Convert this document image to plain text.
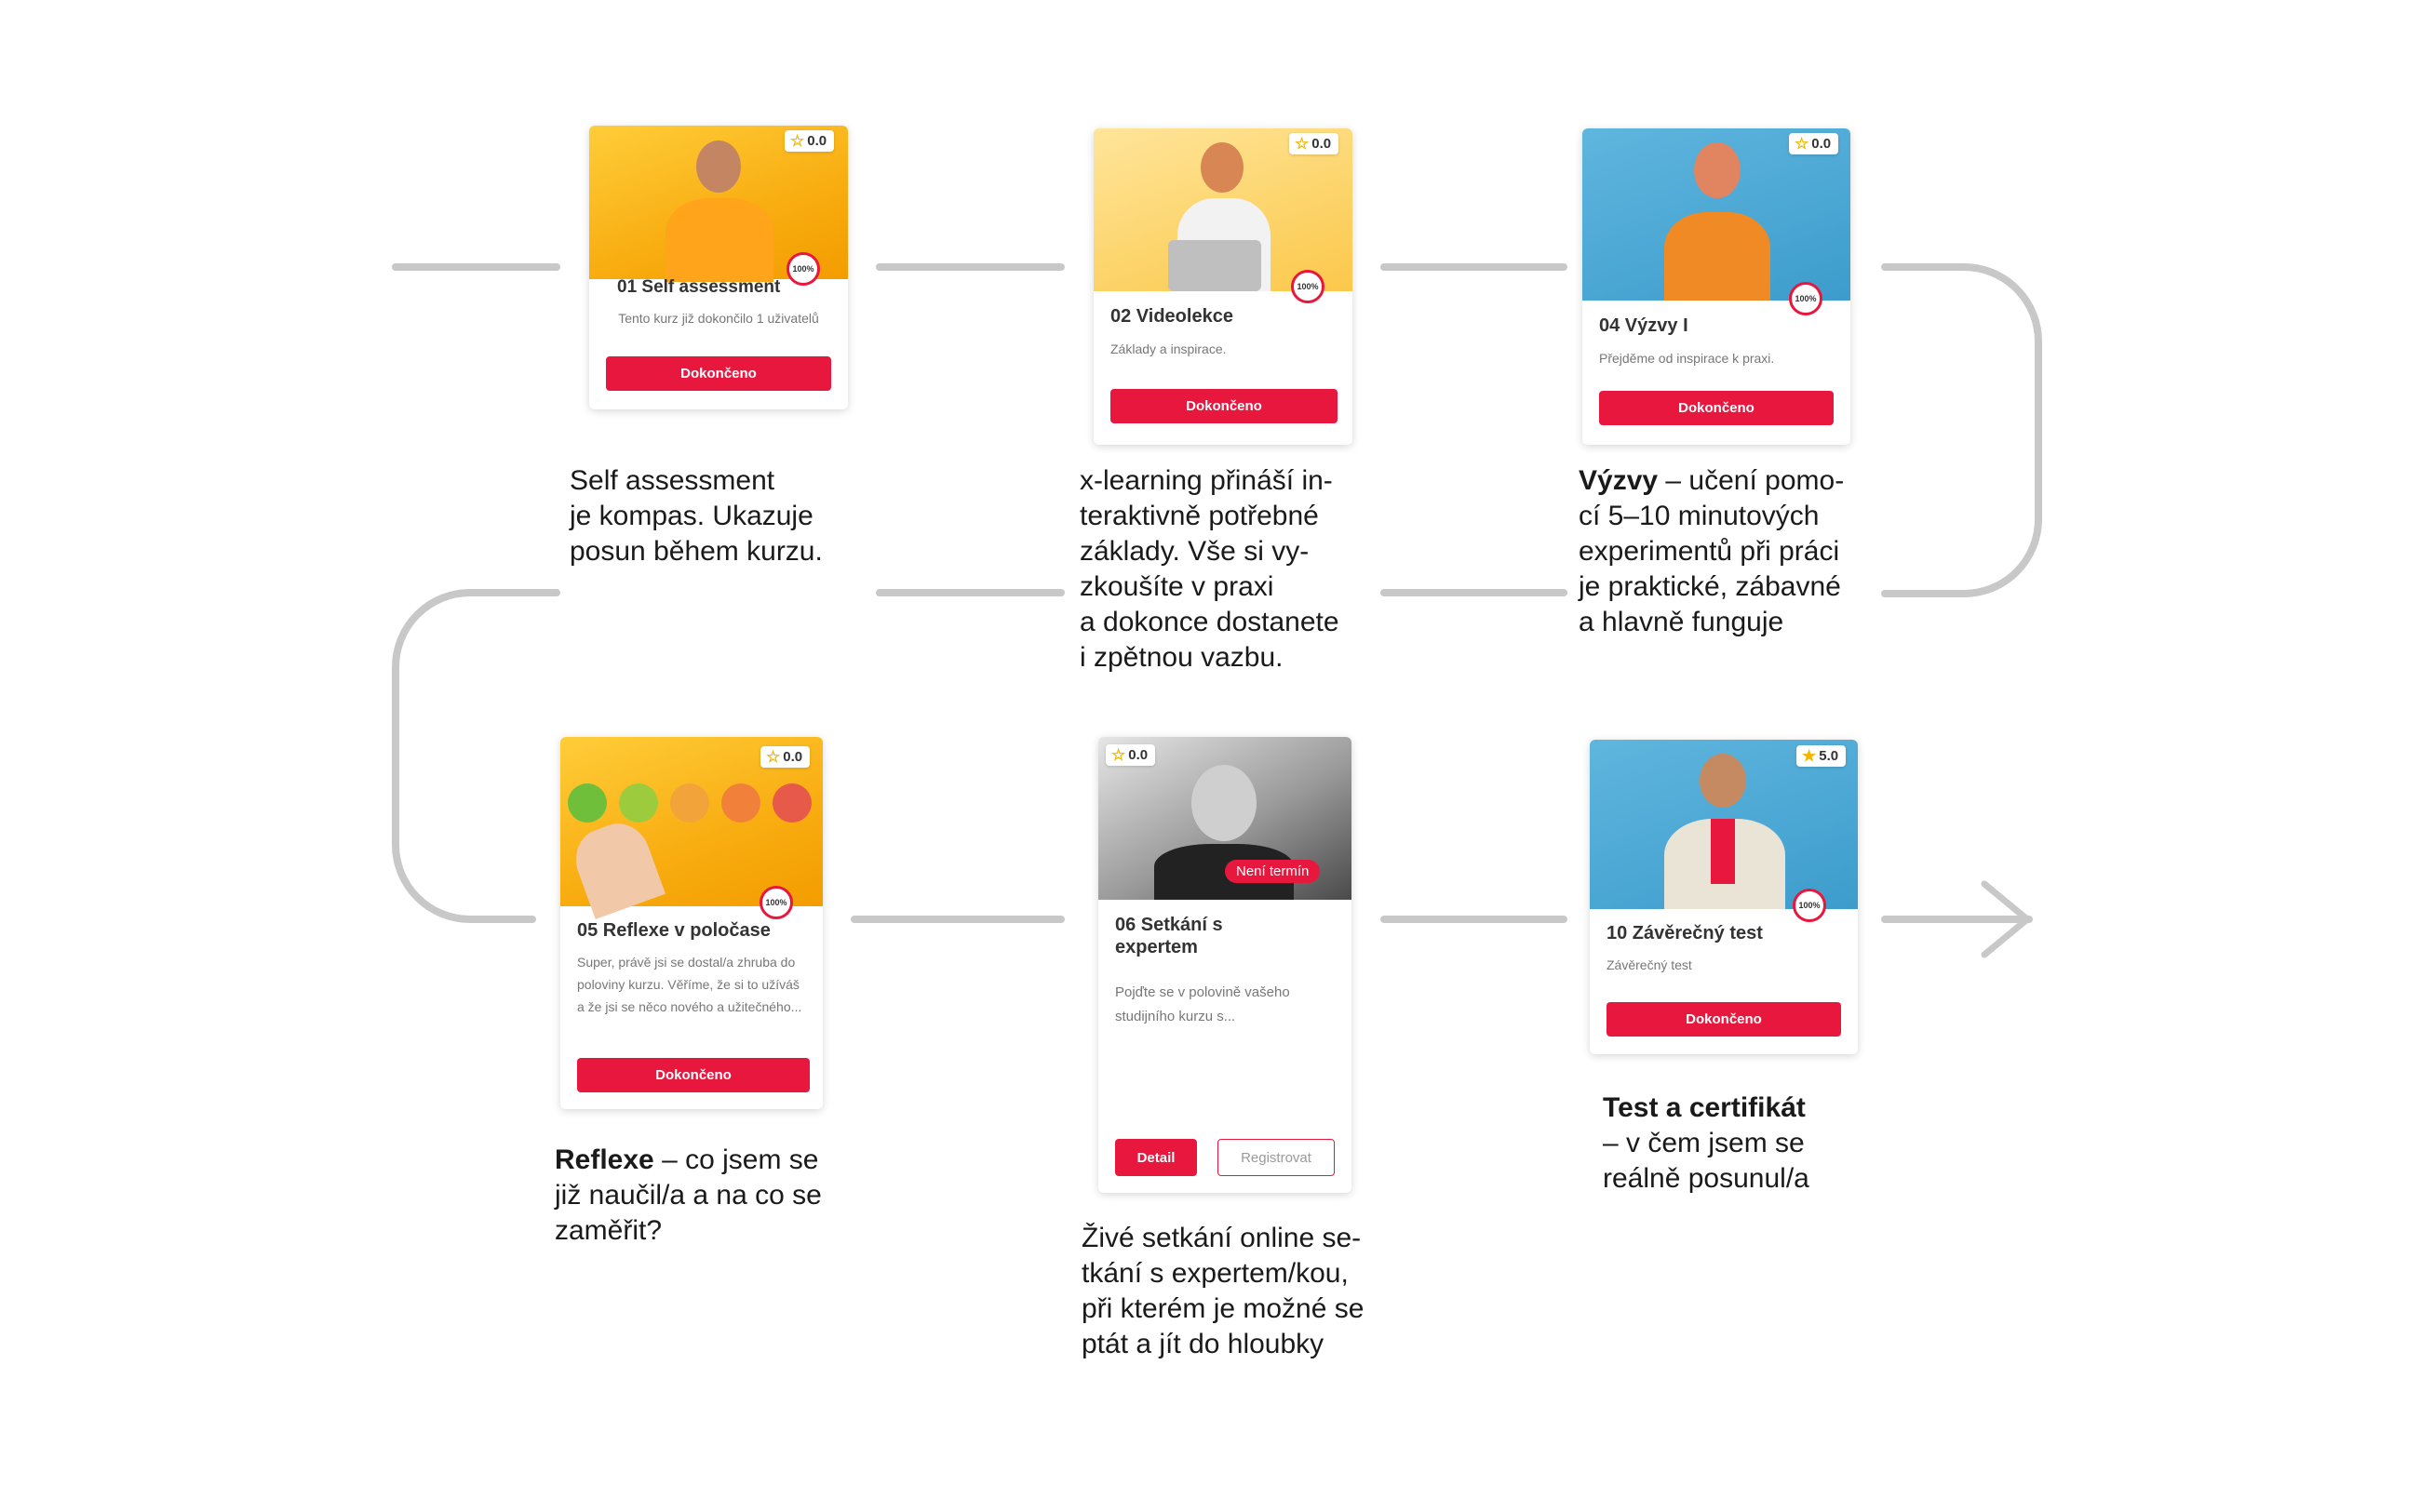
☆ 0.0
100%
01 Self assessment
Tento kurz již dokončilo 1 uživatelů
Dokončeno
☆ 0.0
100%
02 Videolekce
Základy a inspirace.
Dokončeno
☆ 0.0
100%
04 Výzvy I
Přejděme od inspirace k praxi.
Dokončeno
☆ 0.0
100%
05 Reflexe v poločase
Super, právě jsi se dostal/a zhruba do poloviny kurzu. Věříme, že si to užíváš a že jsi se něco nového a užitečného...
Dokončeno
☆ 0.0
Není termín
06 Setkání s expertem
Pojďte se v polovině vašeho studijního kurzu s...
Detail	Registrovat
★ 5.0
100%
10 Závěrečný test
Závěrečný test
Dokončeno
Self assessment
je kompas. Ukazuje
posun během kurzu.
x-learning přináší in-
teraktivně potřebné
základy. Vše si vy-
zkoušíte v praxi
a dokonce dostanete
i zpětnou vazbu.
Výzvy – učení pomo-
cí 5–10 minutových
experimentů při práci
je praktické, zábavné
a hlavně funguje
Reflexe – co jsem se
již naučil/a a na co se
zaměřit?	Živé setkání online se-
tkání s expertem/kou,
při kterém je možné se
ptát a jít do hloubky
Test a certifikát
– v čem jsem se
reálně posunul/a
